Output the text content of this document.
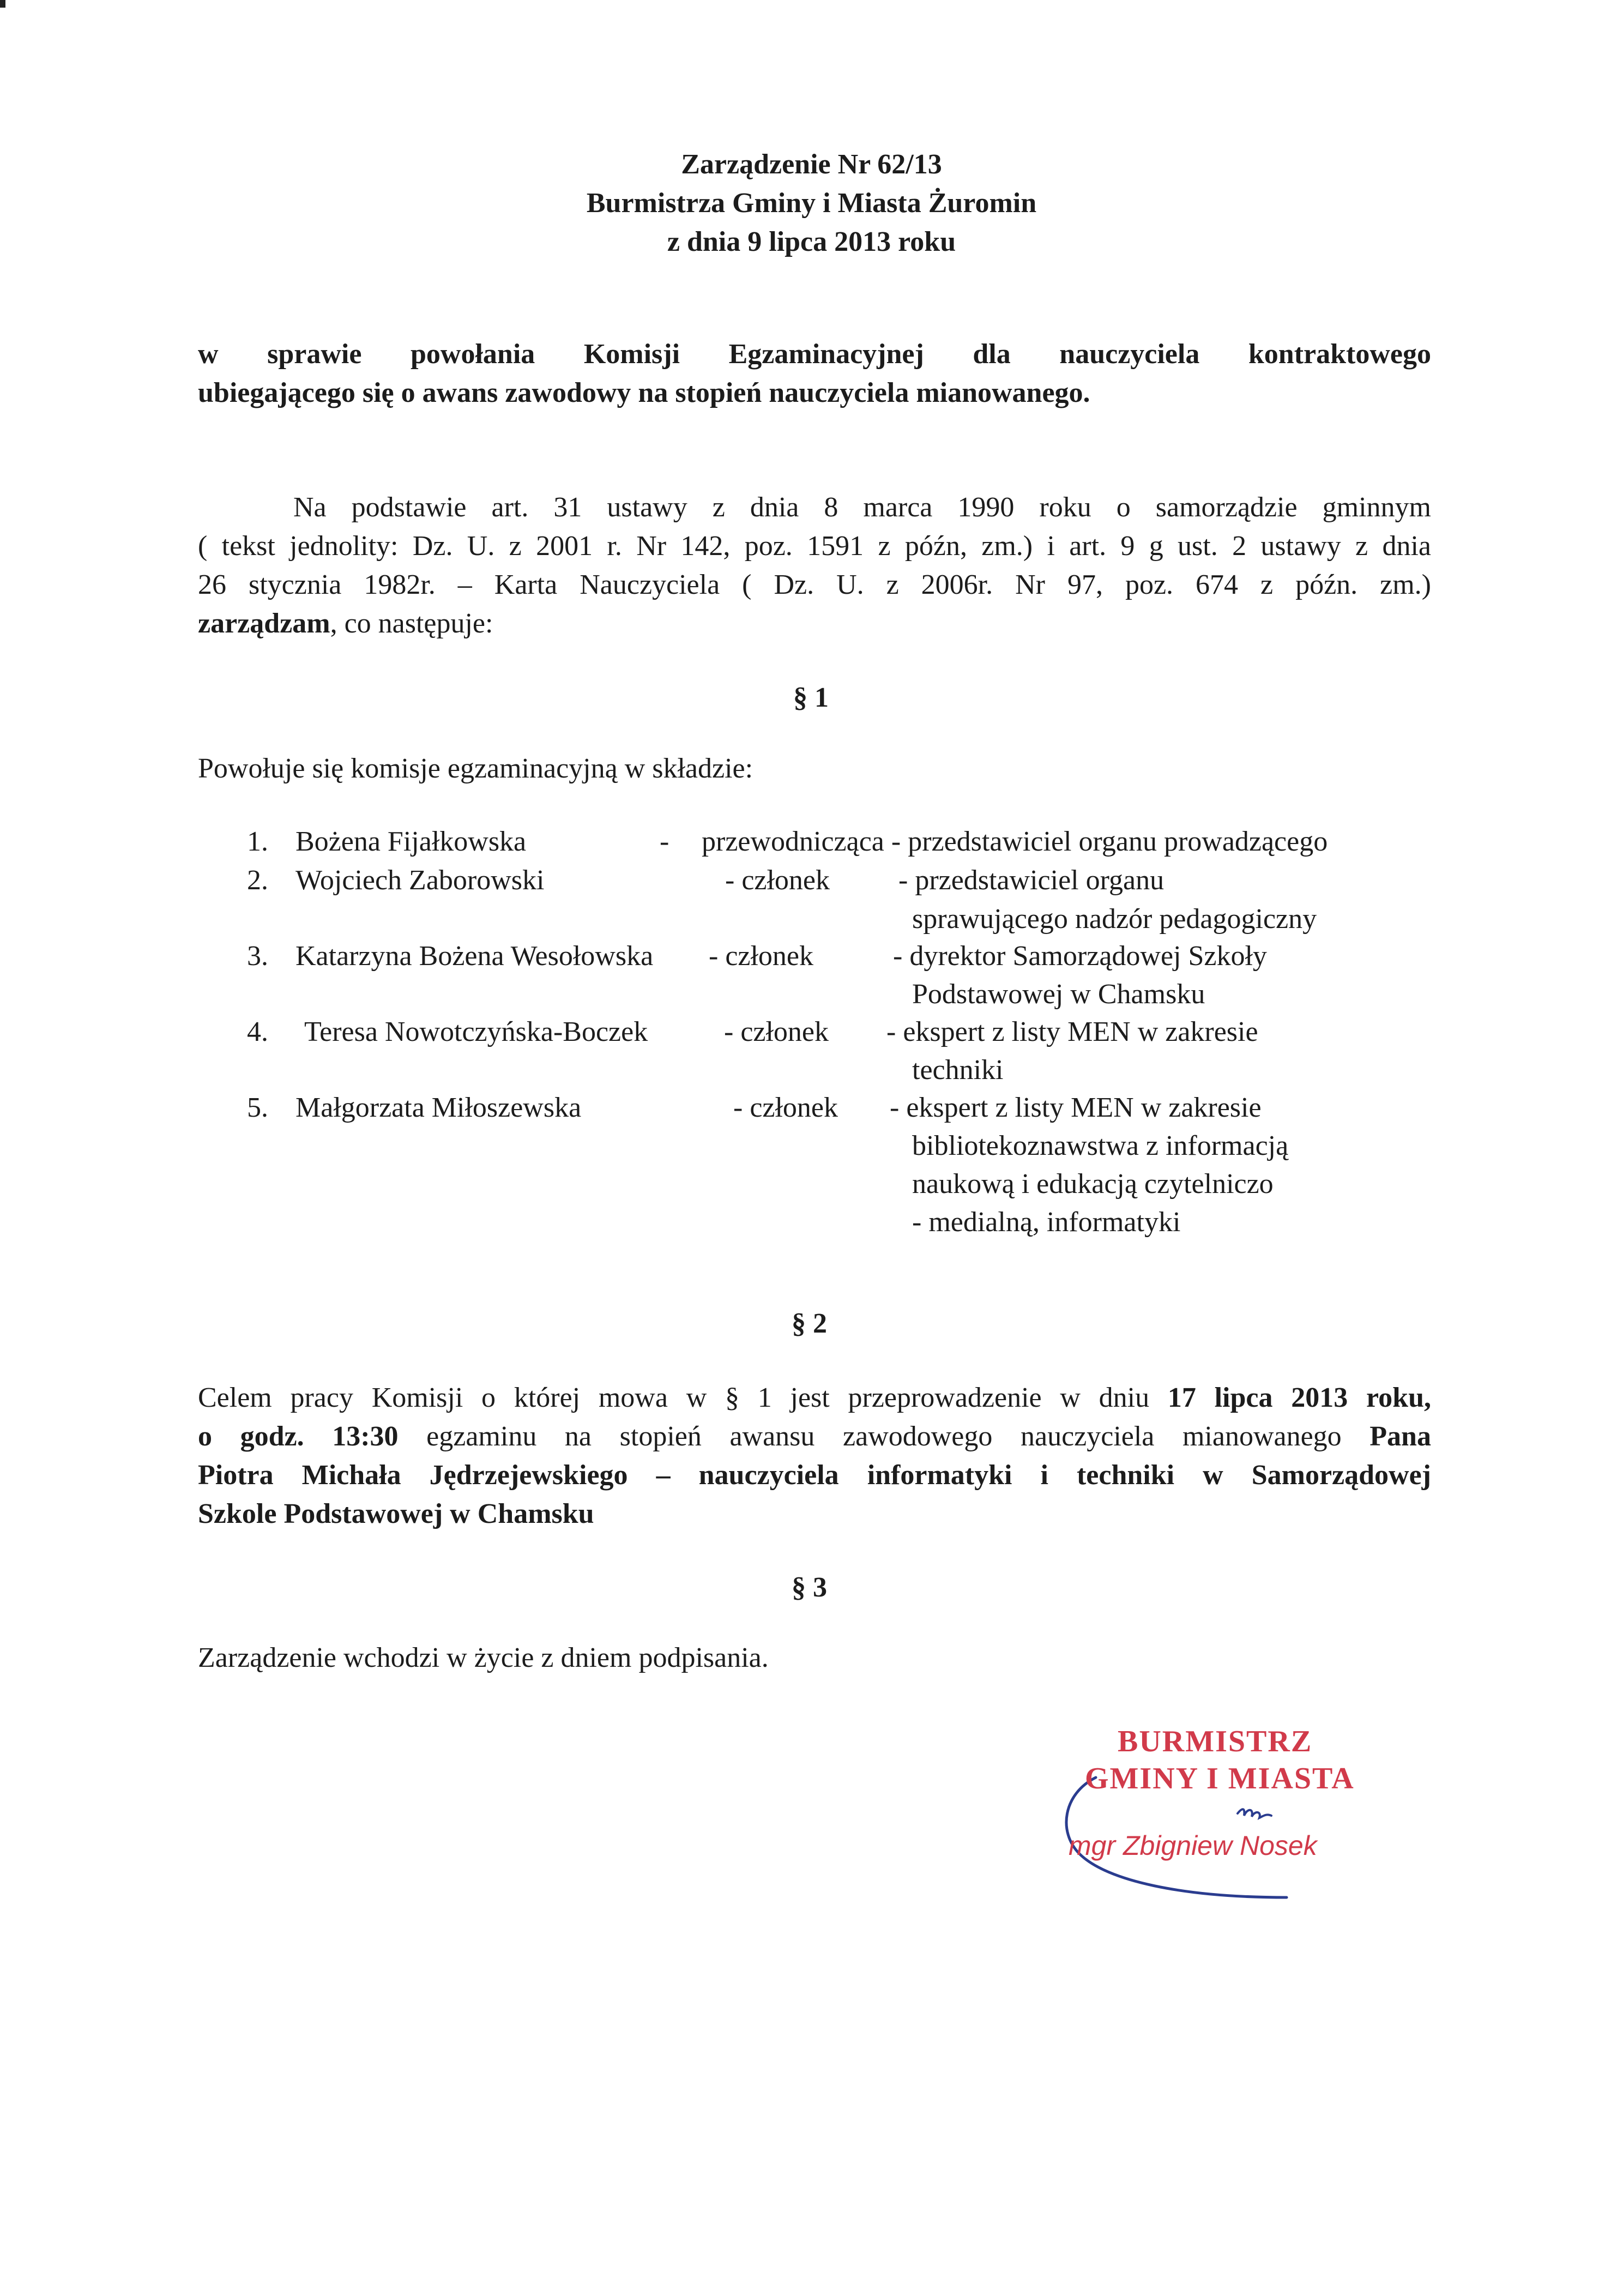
Zarządzenie Nr 62/13
Burmistrza Gminy i Miasta Żuromin
z dnia 9 lipca 2013 roku
w sprawie powołania Komisji Egzaminacyjnej dla nauczyciela kontraktowego
ubiegającego się o awans zawodowy na stopień nauczyciela mianowanego.
Na podstawie art. 31 ustawy z dnia 8 marca 1990 roku o samorządzie gminnym
( tekst jednolity: Dz. U. z 2001 r. Nr 142, poz. 1591 z późn, zm.) i art. 9 g ust. 2 ustawy z dnia
26 stycznia 1982r. – Karta Nauczyciela ( Dz. U. z 2006r. Nr 97, poz. 674 z późn. zm.)
zarządzam, co następuje:
§ 1
Powołuje się komisje egzaminacyjną w składzie:
1. Bożena Fijałkowska	- przewodnicząca - przedstawiciel organu prowadzącego
2. Wojciech Zaborowski	- członek - przedstawiciel organu
sprawującego nadzór pedagogiczny
3. Katarzyna Bożena Wesołowska - członek	- dyrektor Samorządowej Szkoły
Podstawowej w Chamsku
4. Teresa Nowotczyńska-Boczek	- członek - ekspert z listy MEN w zakresie
techniki
5. Małgorzata Miłoszewska	- członek - ekspert z listy MEN w zakresie
bibliotekoznawstwa z informacją
naukową i edukacją czytelniczo
- medialną, informatyki
§ 2
Celem pracy Komisji o której mowa w § 1 jest przeprowadzenie w dniu 17 lipca 2013 roku,
o godz. 13:30 egzaminu na stopień awansu zawodowego nauczyciela mianowanego Pana
Piotra Michała Jędrzejewskiego – nauczyciela informatyki i techniki w Samorządowej
Szkole Podstawowej w Chamsku
§ 3
Zarządzenie wchodzi w życie z dniem podpisania.
BURMISTRZ
GMINY I MIASTA
mgr Zbigniew Nosek
